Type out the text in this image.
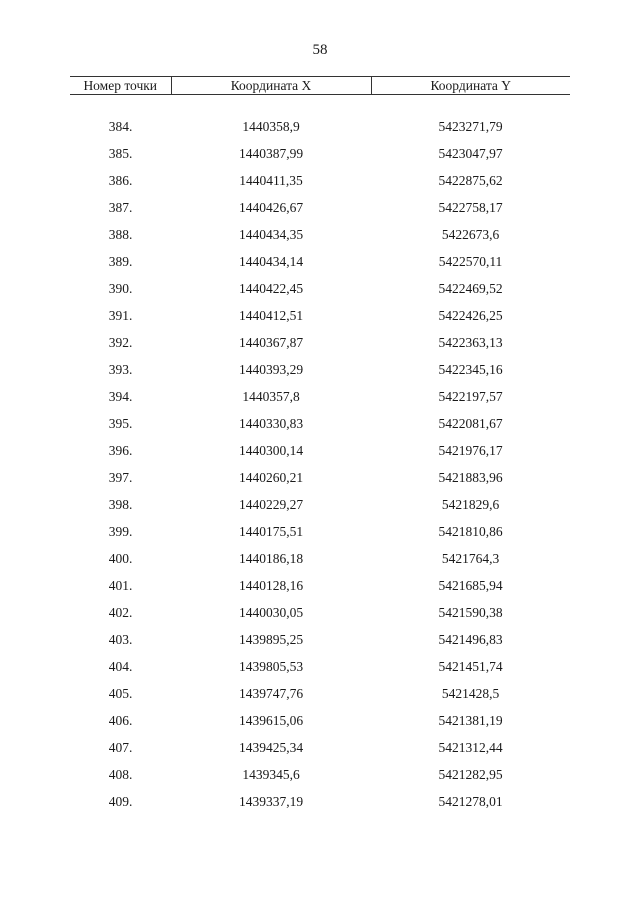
58
Номер точки	Координата X	Координата Y

384.	1440358,9	5423271,79
385.	1440387,99	5423047,97
386.	1440411,35	5422875,62
387.	1440426,67	5422758,17
388.	1440434,35	5422673,6
389.	1440434,14	5422570,11
390.	1440422,45	5422469,52
391.	1440412,51	5422426,25
392.	1440367,87	5422363,13
393.	1440393,29	5422345,16
394.	1440357,8	5422197,57
395.	1440330,83	5422081,67
396.	1440300,14	5421976,17
397.	1440260,21	5421883,96
398.	1440229,27	5421829,6
399.	1440175,51	5421810,86
400.	1440186,18	5421764,3
401.	1440128,16	5421685,94
402.	1440030,05	5421590,38
403.	1439895,25	5421496,83
404.	1439805,53	5421451,74
405.	1439747,76	5421428,5
406.	1439615,06	5421381,19
407.	1439425,34	5421312,44
408.	1439345,6	5421282,95
409.	1439337,19	5421278,01
